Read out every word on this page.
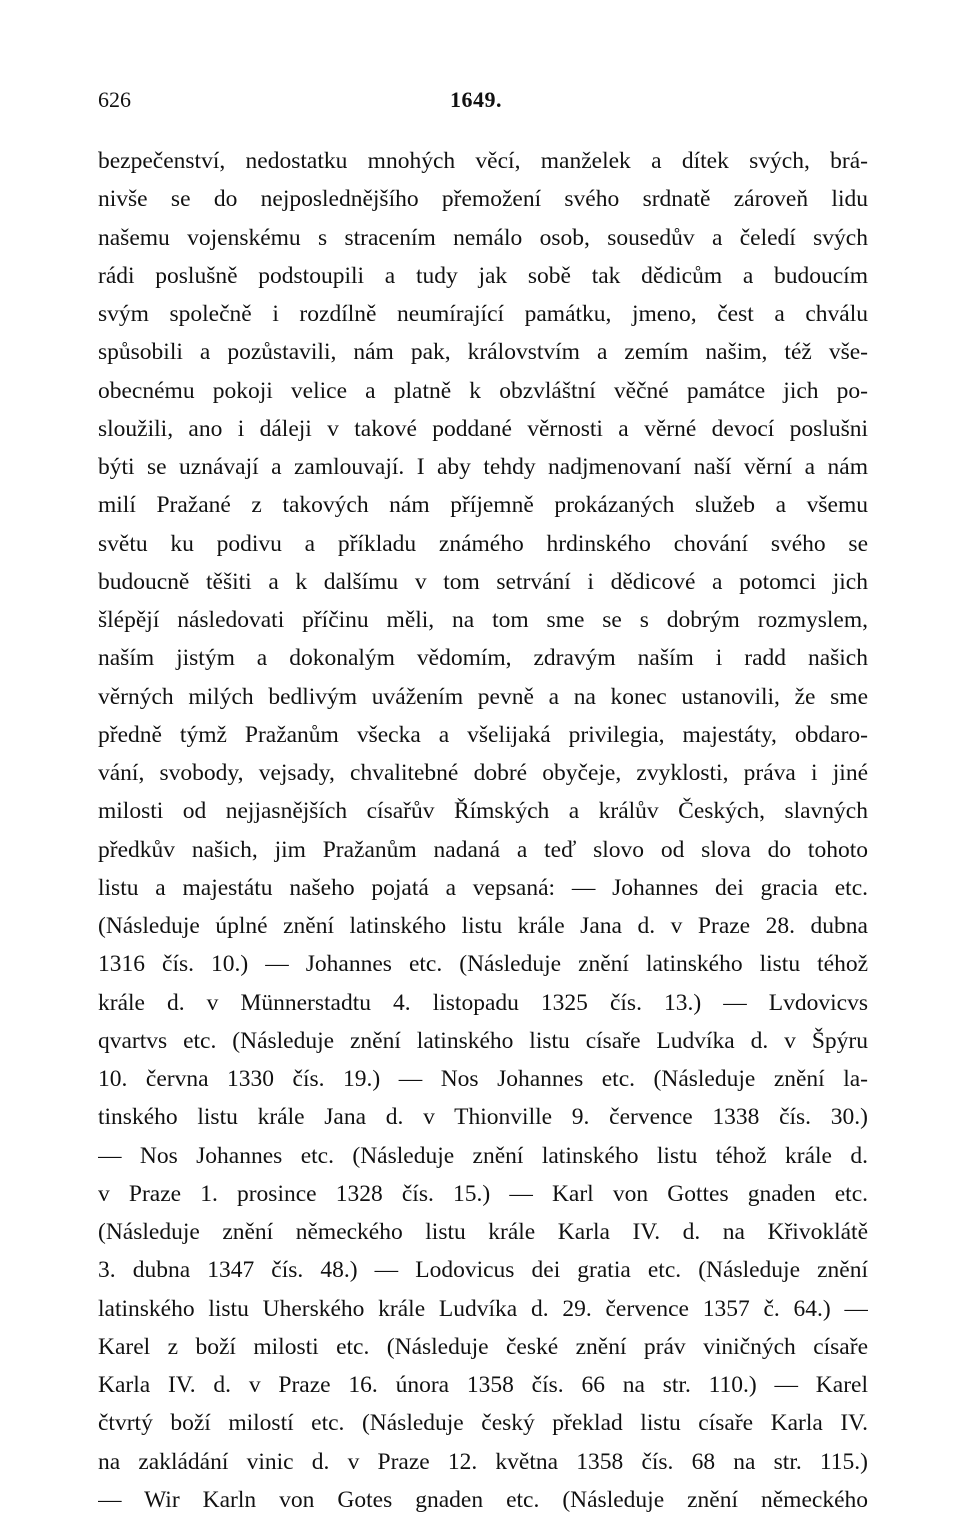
626	1649.
bezpečenství, nedostatku mnohých věcí, manželek a dítek svých, brá-
nivše se do nejposlednějšího přemožení svého srdnatě zároveň lidu
našemu vojenskému s stracením nemálo osob, sousedův a čeledí svých
rádi poslušně podstoupili a tudy jak sobě tak dědicům a budoucím
svým společně i rozdílně neumírající památku, jmeno, čest a chválu
spůsobili a pozůstavili, nám pak, královstvím a zemím našim, též vše-
obecnému pokoji velice a platně k obzvláštní věčné památce jich po-
sloužili, ano i dáleji v takové poddané věrnosti a věrné devocí poslušni
býti se uznávají a zamlouvají. I aby tehdy nadjmenovaní naší věrní a nám
milí Pražané z takových nám příjemně prokázaných služeb a všemu
světu ku podivu a příkladu známého hrdinského chování svého se
budoucně těšiti a k dalšímu v tom setrvání i dědicové a potomci jich
šlépějí následovati příčinu měli, na tom sme se s dobrým rozmyslem,
naším jistým a dokonalým vědomím, zdravým naším i radd našich
věrných milých bedlivým uvážením pevně a na konec ustanovili, že sme
předně týmž Pražanům všecka a všelijaká privilegia, majestáty, obdaro-
vání, svobody, vejsady, chvalitebné dobré obyčeje, zvyklosti, práva i jiné
milosti od nejjasnějších císařův Římských a králův Českých, slavných
předkův našich, jim Pražanům nadaná a teď slovo od slova do tohoto
listu a majestátu našeho pojatá a vepsaná: — Johannes dei gracia etc.
(Následuje úplné znění latinského listu krále Jana d. v Praze 28. dubna
1316 čís. 10.) — Johannes etc. (Následuje znění latinského listu téhož
krále d. v Münnerstadtu 4. listopadu 1325 čís. 13.) — Lvdovicvs
qvartvs etc. (Následuje znění latinského listu císaře Ludvíka d. v Špýru
10. června 1330 čís. 19.) — Nos Johannes etc. (Následuje znění la-
tinského listu krále Jana d. v Thionville 9. července 1338 čís. 30.)
— Nos Johannes etc. (Následuje znění latinského listu téhož krále d.
v Praze 1. prosince 1328 čís. 15.) — Karl von Gottes gnaden etc.
(Následuje znění německého listu krále Karla IV. d. na Křivoklátě
3. dubna 1347 čís. 48.) — Lodovicus dei gratia etc. (Následuje znění
latinského listu Uherského krále Ludvíka d. 29. července 1357 č. 64.) —
Karel z boží milosti etc. (Následuje české znění práv viničných císaře
Karla IV. d. v Praze 16. února 1358 čís. 66 na str. 110.) — Karel
čtvrtý boží milostí etc. (Následuje český překlad listu císaře Karla IV.
na zakládání vinic d. v Praze 12. května 1358 čís. 68 na str. 115.)
— Wir Karln von Gotes gnaden etc. (Následuje znění německého
